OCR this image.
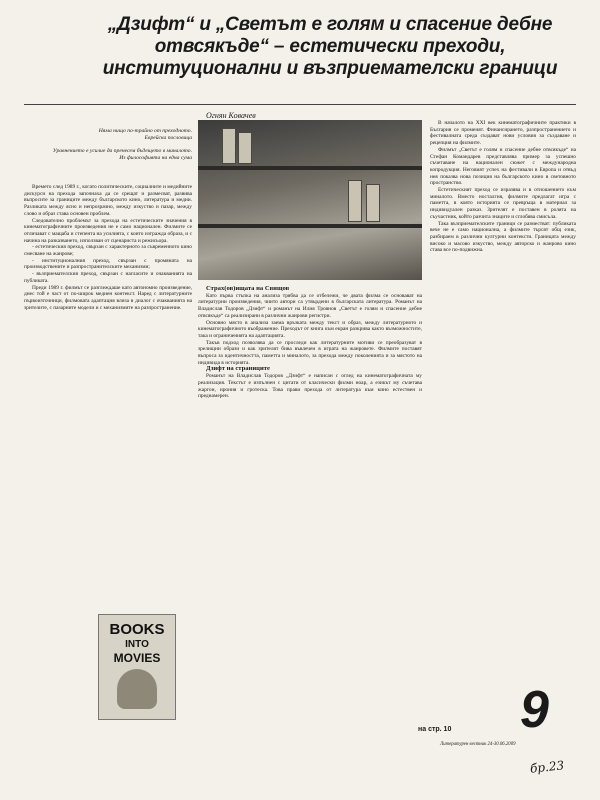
„Дзифт“ и „Светът е голям и спасение дебне отвсякъде“ – естетически преходи, институционални и възприемателски граници
Огнян Ковачев

Няма нищо по-трайно от преходното.

Еврейска пословица

Уравнението е усилие да пренесем бъдещето в миналото.

Из философията на една сума

Времето след 1989 г., когато политическите, социалните и медийните дискурси на прехода започнаха да се срещат и размесват, развива въпросите за границите между българското кино, литература и медии. Разликата между ясно и непрозрачно, между изкуство и пазар, между слово и образ става основен проблем.

Следователно проблемът за прехода на естетическите значения в кинематографичните произведения не е само национален. Филмите се отличават с мащаба и степента на усилията, с които изгражда образа, и с начина на разказването, използван от сценариста и режисьора.

- естетическия преход, свързан с характерното за съвременното кино смесване на жанрове;

- институционалния преход, свързан с промяната на производствените и разпространителските механизми;

- възприемателския преход, свързан с нагласите и очакванията на публиката.

Преди 1989 г. филмът се разглеждаше като автономно произведение, днес той е част от по-широк медиен контекст. Наред с литературните първоизточници, филмовата адаптация влиза в диалог с очакванията на зрителите, с пазарните модели и с механизмите на разпространение.

BOOKS
INTO
MOVIES

Страх(ов)ищата на Свищов

Като първа стъпка на анализа трябва да се отбележи, че двата филма се основават на литературни произведения, чиито автори са утвърдени в българската литература. Романът на Владислав Тодоров „Дзифт“ и романът на Илия Троянов „Светът е голям и спасение дебне отвсякъде“ са реализирани в различни жанрови регистри.

Основно място в анализа заема връзката между текст и образ, между литературното и кинематографичното въображение. Преходът от книга към екран разкрива както възможностите, така и ограниченията на адаптацията.

Такъв подход позволява да се проследи как литературните мотиви се преобразуват в зрелищни образи и как зрителят бива въвлечен в играта на жанровете. Филмите поставят въпроса за идентичността, паметта и миналото, за прехода между поколенията и за мястото на индивида в историята.

Дзифт на страниците

Романът на Владислав Тодоров „Дзифт“ е написан с оглед на кинематографичната му реализация. Текстът е изпълнен с цитати от класически филми ноар, а езикът му съчетава жаргон, ирония и гротеска. Това прави прехода от литература към кино естествен и преднамерен.

В началото на ХХІ век кинематографичните практики в България се променят. Финансирането, разпространението и фестивалната среда създават нови условия за създаване и рецепция на филмите.

Филмът „Светът е голям и спасение дебне отвсякъде“ на Стефан Командарев представлява пример за успешно съчетаване на национален сюжет с международна копродукция. Неговият успех на фестивали в Европа и отвъд нея показва нова позиция на българското кино в световното пространство.

Естетическият преход се изразява и в отношението към миналото. Вместо носталгия, филмите предлагат игра с паметта, в която историята се превръща в материал за индивидуален разказ. Зрителят е поставен в ролята на съучастник, който разчита знаците и сглобява смисъла.

Така възприемателските граници се разместват: публиката вече не е само национална, а филмите търсят общ език, разбираем в различни културни контексти. Границата между високо и масово изкуство, между авторско и жанрово кино става все по-подвижна.

на стр. 10 9
Литературен вестник 24-30.06.2009
бр.23
